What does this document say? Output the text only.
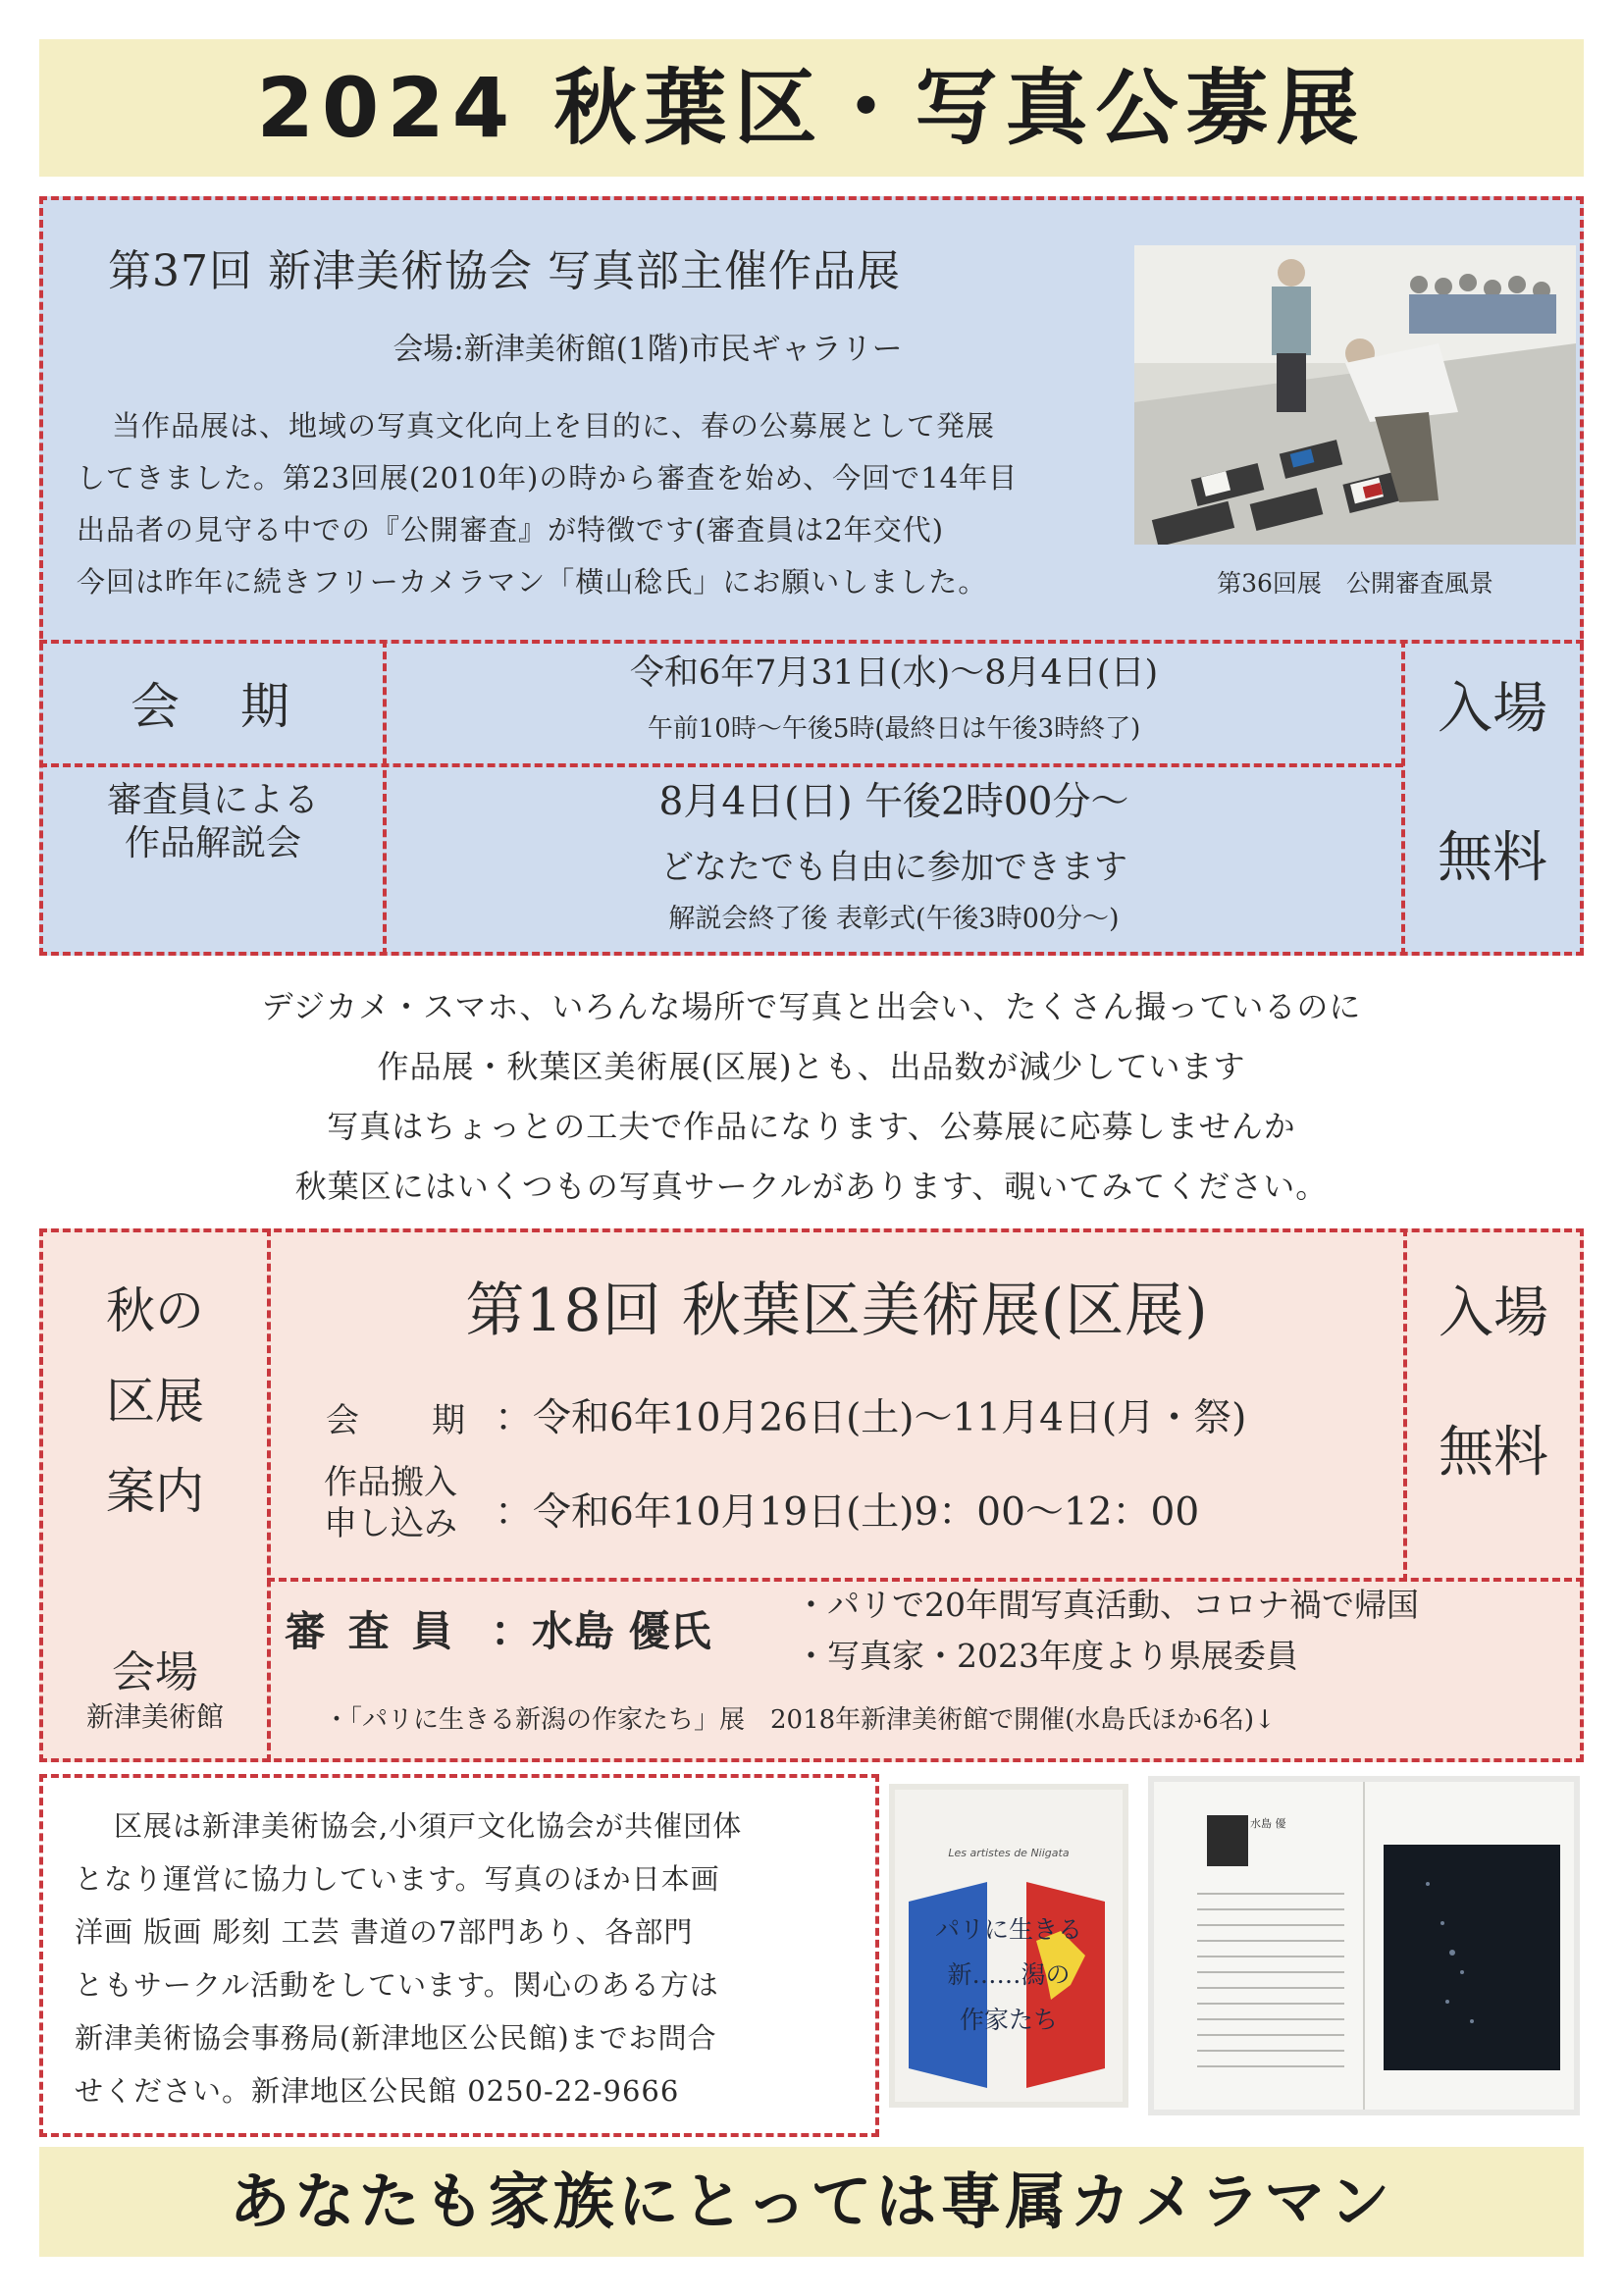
2024 秋葉区・写真公募展
第37回 新津美術協会 写真部主催作品展
会場:新津美術館(1階)市民ギャラリー
当作品展は、地域の写真文化向上を目的に、春の公募展として発展
してきました。第23回展(2010年)の時から審査を始め、今回で14年目
出品者の見守る中での『公開審査』が特徴です(審査員は2年交代)
今回は昨年に続きフリーカメラマン「横山稔氏」にお願いしました。	第36回展　公開審査風景
会　期
令和6年7月31日(水)〜8月4日(日)
午前10時〜午後5時(最終日は午後3時終了)
審査員による
作品解説会
8月4日(日) 午後2時00分〜
どなたでも自由に参加できます
解説会終了後 表彰式(午後3時00分〜)
入場
無料
デジカメ・スマホ、いろんな場所で写真と出会い、たくさん撮っているのに
作品展・秋葉区美術展(区展)とも、出品数が減少しています
写真はちょっとの工夫で作品になります、公募展に応募しませんか
秋葉区にはいくつもの写真サークルがあります、覗いてみてください。
秋の
区展
案内
会場
新津美術館
第18回 秋葉区美術展(区展)
会　　期 ：令和6年10月26日(土)〜11月4日(月・祭)
作品搬入
申し込み ：令和6年10月19日(土)9：00〜12：00
入場
無料
審 査 員 ：水島 優氏
・パリで20年間写真活動、コロナ禍で帰国
・写真家・2023年度より県展委員
・「パリに生きる新潟の作家たち」展　2018年新津美術館で開催(水島氏ほか6名)↓
区展は新津美術協会,小須戸文化協会が共催団体
となり運営に協力しています。写真のほか日本画
洋画 版画 彫刻 工芸 書道の7部門あり、各部門
ともサークル活動をしています。関心のある方は
新津美術協会事務局(新津地区公民館)までお問合
せください。新津地区公民館 0250-22-9666
Les artistes de Niigata
パリに生きる
新……潟の
作家たち
水島 優
あなたも家族にとっては専属カメラマン
